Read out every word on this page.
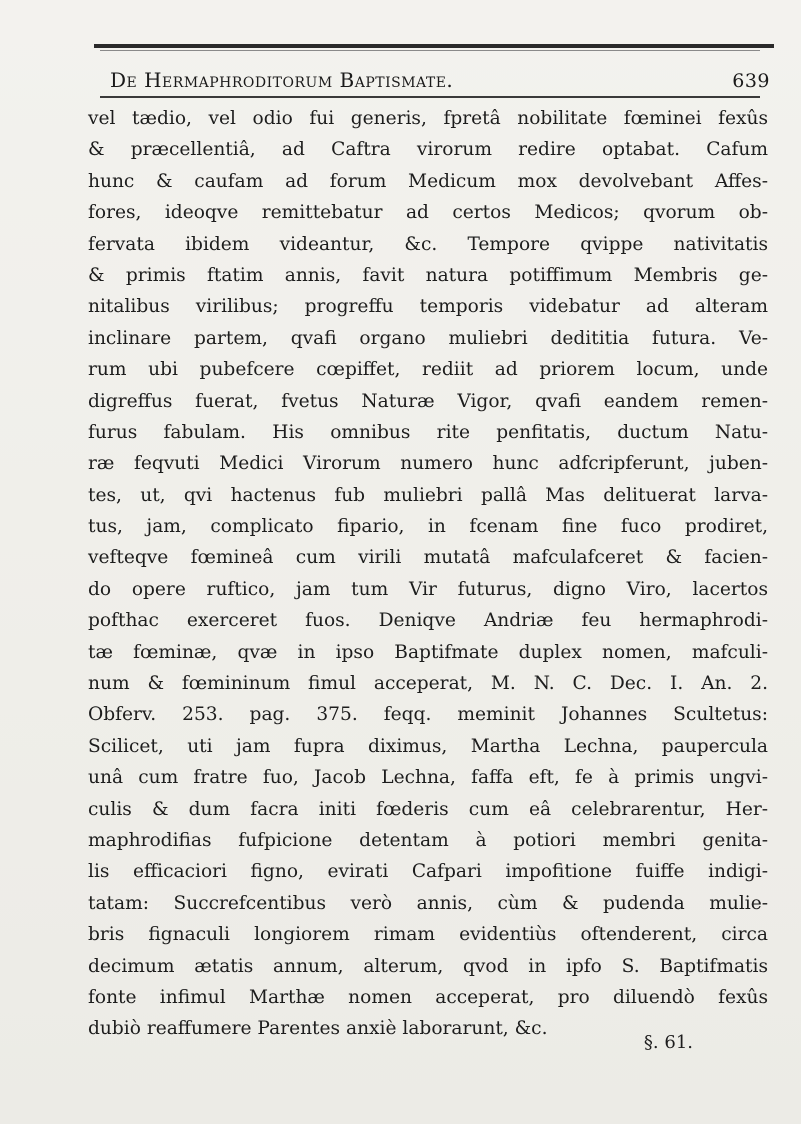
De Hermaphroditorum Baptismate.	639
vel tædio, vel odio fui generis, fpretâ nobilitate fœminei fexûs
& præcellentiâ, ad Caftra virorum redire optabat. Cafum
hunc & caufam ad forum Medicum mox devolvebant Affes-
fores, ideoqve remittebatur ad certos Medicos; qvorum ob-
fervata ibidem videantur, &c. Tempore qvippe nativitatis
& primis ftatim annis, favit natura potiffimum Membris ge-
nitalibus virilibus; progreffu temporis videbatur ad alteram
inclinare partem, qvafi organo muliebri dedititia futura. Ve-
rum ubi pubefcere cœpiffet, rediit ad priorem locum, unde
digreffus fuerat, fvetus Naturæ Vigor, qvafi eandem remen-
furus fabulam. His omnibus rite penfitatis, ductum Natu-
ræ feqvuti Medici Virorum numero hunc adfcripferunt, juben-
tes, ut, qvi hactenus fub muliebri pallâ Mas delituerat larva-
tus, jam, complicato fipario, in fcenam fine fuco prodiret,
vefteqve fœmineâ cum virili mutatâ mafculafceret & facien-
do opere ruftico, jam tum Vir futurus, digno Viro, lacertos
pofthac exerceret fuos. Deniqve Andriæ feu hermaphrodi-
tæ fœminæ, qvæ in ipso Baptifmate duplex nomen, mafculi-
num & fœmininum fimul acceperat, M. N. C. Dec. I. An. 2.
Obferv. 253. pag. 375. feqq. meminit Johannes Scultetus:
Scilicet, uti jam fupra diximus, Martha Lechna, paupercula
unâ cum fratre fuo, Jacob Lechna, faffa eft, fe à primis ungvi-
culis & dum facra initi fœderis cum eâ celebrarentur, Her-
maphrodifias fufpicione detentam à potiori membri genita-
lis efficaciori figno, evirati Cafpari impofitione fuiffe indigi-
tatam: Succrefcentibus verò annis, cùm & pudenda mulie-
bris fignaculi longiorem rimam evidentiùs oftenderent, circa
decimum ætatis annum, alterum, qvod in ipfo S. Baptifmatis
fonte infimul Marthæ nomen acceperat, pro diluendò fexûs
dubiò reaffumere Parentes anxiè laborarunt, &c.
§. 61.
